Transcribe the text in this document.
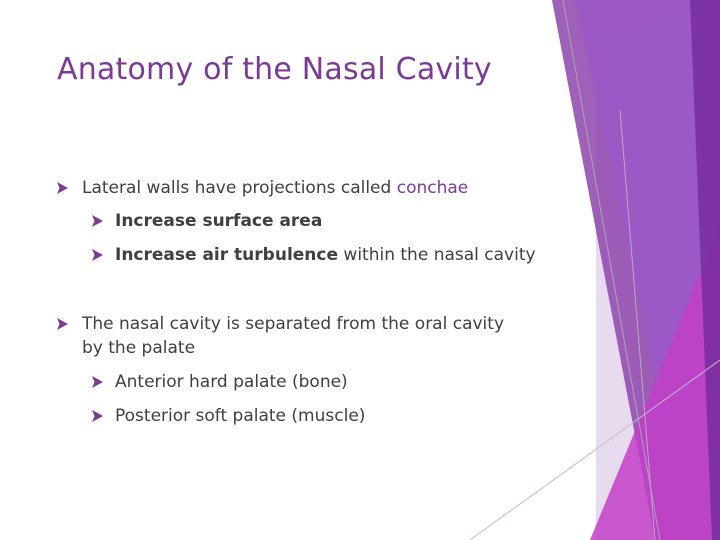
Anatomy of the Nasal Cavity
Lateral walls have projections called conchae
Increase surface area
Increase air turbulence within the nasal cavity
The nasal cavity is separated from the oral cavity
by the palate
Anterior hard palate (bone)
Posterior soft palate (muscle)
